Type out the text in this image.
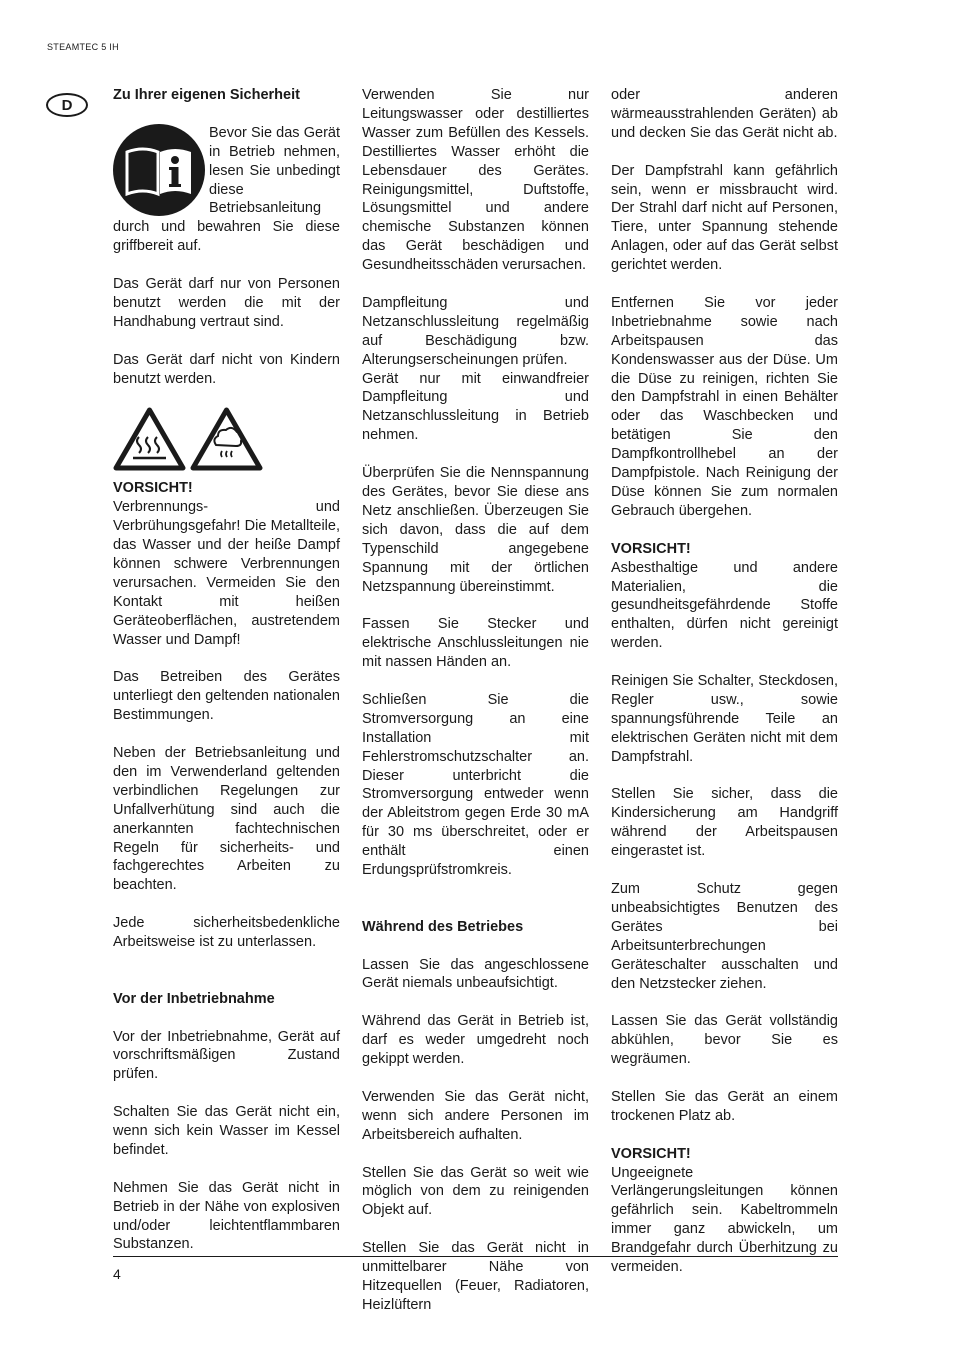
STEAMTEC 5 IH
D
Zu Ihrer eigenen Sicherheit
Bevor Sie das Gerät in Betrieb nehmen, lesen Sie unbedingt diese Betriebsanleitung durch und bewahren Sie diese griffbereit auf.

Das Gerät darf nur von Personen benutzt werden die mit der Handhabung vertraut sind.

Das Gerät darf nicht von Kindern benutzt werden.

VORSICHT!
Verbrennungs- und Verbrühungsgefahr! Die Metallteile, das Wasser und der heiße Dampf können schwere Verbrennungen verursachen. Vermeiden Sie den Kontakt mit heißen Geräteoberflächen, austretendem Wasser und Dampf!

Das Betreiben des Gerätes unterliegt den geltenden nationalen Bestimmungen.

Neben der Betriebsanleitung und den im Verwenderland geltenden verbindlichen Regelungen zur Unfallverhütung sind auch die anerkannten fachtechnischen Regeln für sicherheits- und fachgerechtes Arbeiten zu beachten.

Jede sicherheitsbedenkliche Arbeitsweise ist zu unterlassen.

Vor der Inbetriebnahme

Vor der Inbetriebnahme, Gerät auf vorschriftsmäßigen Zustand prüfen.

Schalten Sie das Gerät nicht ein, wenn sich kein Wasser im Kessel befindet.

Nehmen Sie das Gerät nicht in Betrieb in der Nähe von explosiven und/oder leichtentflammbaren Substanzen.

Verwenden Sie nur Leitungswasser oder destilliertes Wasser zum Befüllen des Kessels. Destilliertes Wasser erhöht die Lebensdauer des Gerätes. Reinigungsmittel, Duftstoffe, Lösungsmittel und andere chemische Substanzen können das Gerät beschädigen und Gesundheitsschäden verursachen.

Dampfleitung und Netzanschlussleitung regelmäßig auf Beschädigung bzw. Alterungserscheinungen prüfen.

Gerät nur mit einwandfreier Dampfleitung und Netzanschlussleitung in Betrieb nehmen.

Überprüfen Sie die Nennspannung des Gerätes, bevor Sie diese ans Netz anschließen. Überzeugen Sie sich davon, dass die auf dem Typenschild angegebene Spannung mit der örtlichen Netzspannung übereinstimmt.

Fassen Sie Stecker und elektrische Anschlussleitungen nie mit nassen Händen an.

Schließen Sie die Stromversorgung an eine Installation mit Fehlerstromschutzschalter an. Dieser unterbricht die Stromversorgung entweder wenn der Ableitstrom gegen Erde 30 mA für 30 ms überschreitet, oder er enthält einen Erdungsprüfstromkreis.

Während des Betriebes

Lassen Sie das angeschlossene Gerät niemals unbeaufsichtigt.

Während das Gerät in Betrieb ist, darf es weder umgedreht noch gekippt werden.

Verwenden Sie das Gerät nicht, wenn sich andere Personen im Arbeitsbereich aufhalten.

Stellen Sie das Gerät so weit wie möglich von dem zu reinigenden Objekt auf.

Stellen Sie das Gerät nicht in unmittelbarer Nähe von Hitzequellen (Feuer, Radiatoren, Heizlüftern

oder anderen wärmeausstrahlenden Geräten) ab und decken Sie das Gerät nicht ab.

Der Dampfstrahl kann gefährlich sein, wenn er missbraucht wird. Der Strahl darf nicht auf Personen, Tiere, unter Spannung stehende Anlagen, oder auf das Gerät selbst gerichtet werden.

Entfernen Sie vor jeder Inbetriebnahme sowie nach Arbeitspausen das Kondenswasser aus der Düse. Um die Düse zu reinigen, richten Sie den Dampfstrahl in einen Behälter oder das Waschbecken und betätigen Sie den Dampfkontrollhebel an der Dampfpistole. Nach Reinigung der Düse können Sie zum normalen Gebrauch übergehen.

VORSICHT!
Asbesthaltige und andere Materialien, die gesundheitsgefährdende Stoffe enthalten, dürfen nicht gereinigt werden.

Reinigen Sie Schalter, Steckdosen, Regler usw., sowie spannungsführende Teile an elektrischen Geräten nicht mit dem Dampfstrahl.

Stellen Sie sicher, dass die Kindersicherung am Handgriff während der Arbeitspausen eingerastet ist.

Zum Schutz gegen unbeabsichtigtes Benutzen des Gerätes bei Arbeitsunterbrechungen Geräteschalter ausschalten und den Netzstecker ziehen.

Lassen Sie das Gerät vollständig abkühlen, bevor Sie es wegräumen.

Stellen Sie das Gerät an einem trockenen Platz ab.

VORSICHT!
Ungeeignete Verlängerungsleitungen können gefährlich sein. Kabeltrommeln immer ganz abwickeln, um Brandgefahr durch Überhitzung zu vermeiden.

4
